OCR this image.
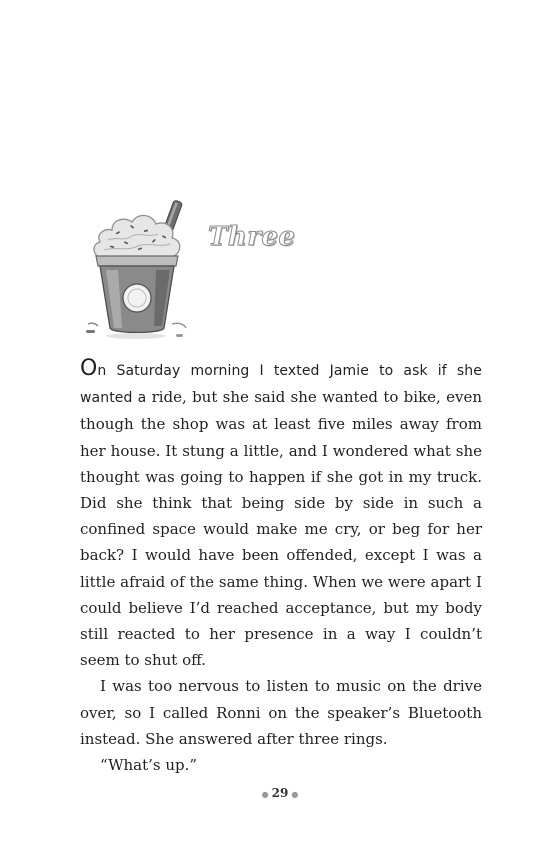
Three

On Saturday morning I texted Jamie to ask if she wanted a ride, but she said she wanted to bike, even though the shop was at least five miles away from her house. It stung a little, and I wondered what she thought was going to happen if she got in my truck. Did she think that being side by side in such a confined space would make me cry, or beg for her back? I would have been offended, except I was a little afraid of the same thing. When we were apart I could believe I’d reached acceptance, but my body still reacted to her presence in a way I couldn’t seem to shut off.

I was too nervous to listen to music on the drive over, so I called Ronni on the speaker’s Bluetooth instead. She answered after three rings.

“What’s up.”

● 29 ●
